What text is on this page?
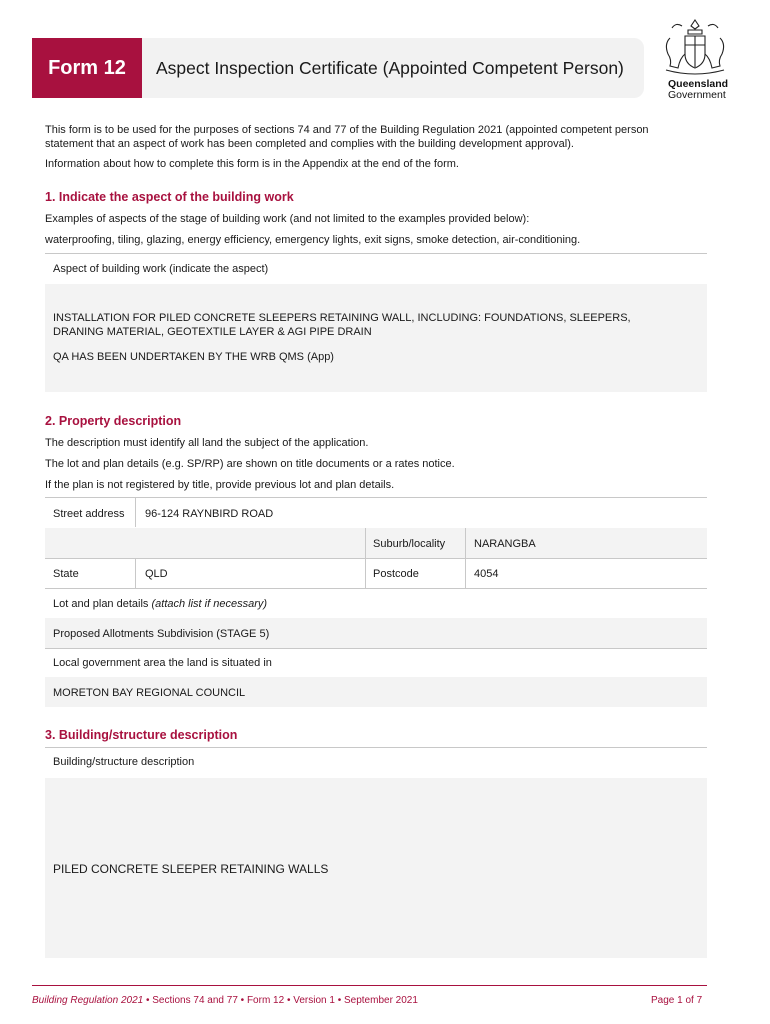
Form 12	Aspect Inspection Certificate (Appointed Competent Person)
Queensland
Government
This form is to be used for the purposes of sections 74 and 77 of the Building Regulation 2021 (appointed competent person
statement that an aspect of work has been completed and complies with the building development approval).
Information about how to complete this form is in the Appendix at the end of the form.
1. Indicate the aspect of the building work
Examples of aspects of the stage of building work (and not limited to the examples provided below):
waterproofing, tiling, glazing, energy efficiency, emergency lights, exit signs, smoke detection, air-conditioning.
Aspect of building work (indicate the aspect)
INSTALLATION FOR PILED CONCRETE SLEEPERS RETAINING WALL, INCLUDING: FOUNDATIONS, SLEEPERS,
DRANING MATERIAL, GEOTEXTILE LAYER & AGI PIPE DRAIN
QA HAS BEEN UNDERTAKEN BY THE WRB QMS (App)
2. Property description
The description must identify all land the subject of the application.
The lot and plan details (e.g. SP/RP) are shown on title documents or a rates notice.
If the plan is not registered by title, provide previous lot and plan details.
Street address 96-124 RAYNBIRD ROAD
Suburb/locality	NARANGBA
State	QLD	Postcode	4054
Lot and plan details (attach list if necessary)
Proposed Allotments Subdivision (STAGE 5)
Local government area the land is situated in
MORETON BAY REGIONAL COUNCIL
3. Building/structure description
Building/structure description
PILED CONCRETE SLEEPER RETAINING WALLS
Building Regulation 2021 • Sections 74 and 77 • Form 12 • Version 1 • September 2021	Page 1 of 7
